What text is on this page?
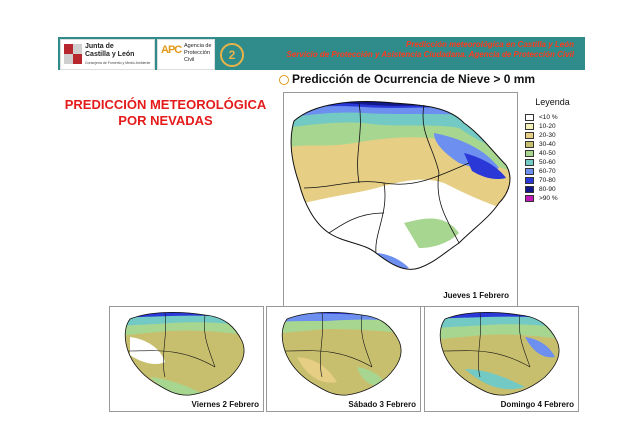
Junta de
Castilla y León
Consejería de Fomento y Medio Ambiente
APC Agencia de
Protección
Civil	2
Predicción meteorológica en Castilla y León
Servicio de Protección y Asistencia Ciudadana. Agencia de Protección Civil
PREDICCIÓN METEOROLÓGICA
POR NEVADAS
Predicción de Ocurrencia de Nieve > 0 mm
Jueves 1 Febrero
Leyenda
<10 %
10-20
20-30
30-40
40-50
50-60
60-70
70-80
80-90
>90 %
Viernes 2 Febrero	Sábado 3 Febrero	Domingo 4 Febrero
